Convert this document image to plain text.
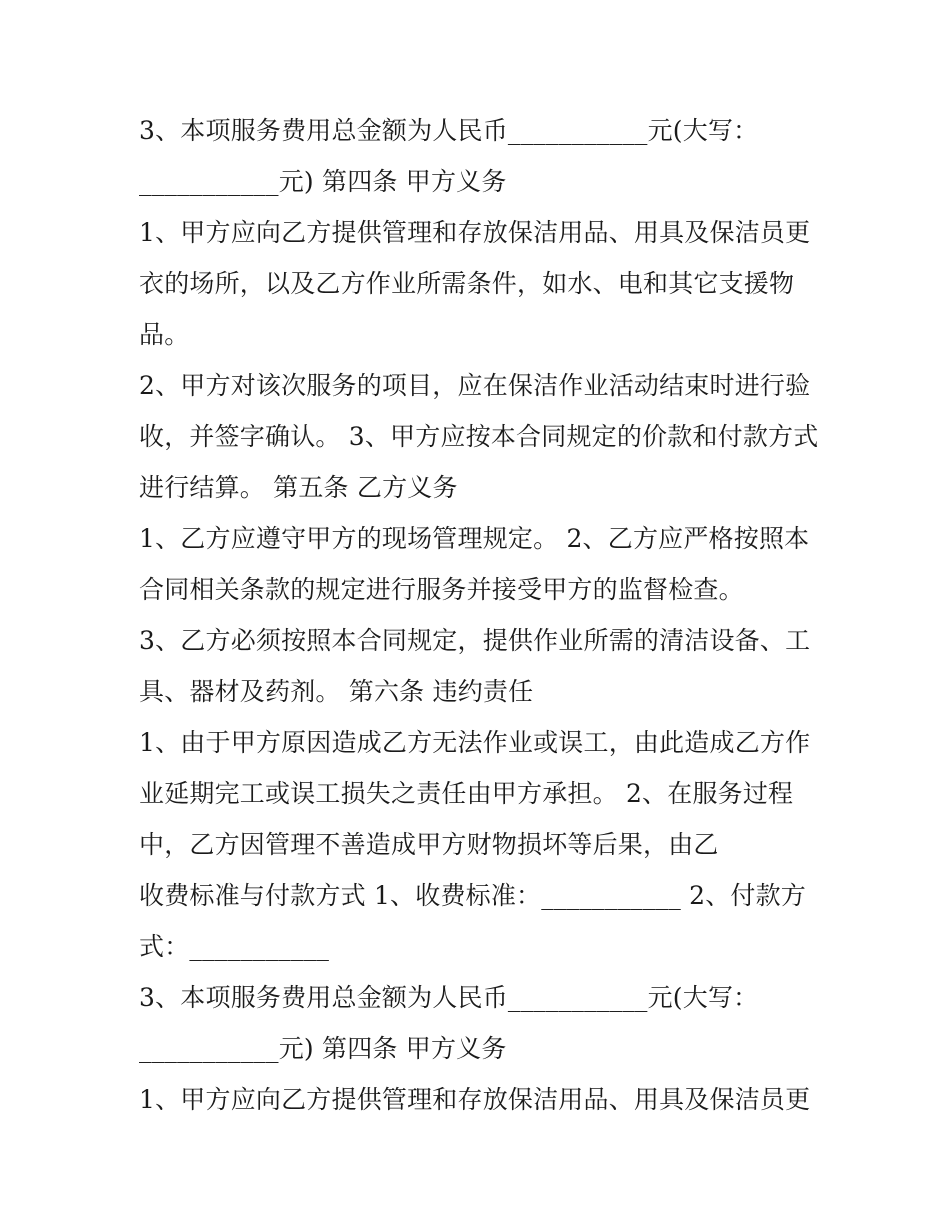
3、本项服务费用总金额为人民币___________元(大写：
___________元) 第四条 甲方义务
1、甲方应向乙方提供管理和存放保洁用品、用具及保洁员更
衣的场所，以及乙方作业所需条件，如水、电和其它支援物
品。
2、甲方对该次服务的项目，应在保洁作业活动结束时进行验
收，并签字确认。 3、甲方应按本合同规定的价款和付款方式
进行结算。 第五条 乙方义务
1、乙方应遵守甲方的现场管理规定。 2、乙方应严格按照本
合同相关条款的规定进行服务并接受甲方的监督检查。
3、乙方必须按照本合同规定，提供作业所需的清洁设备、工
具、器材及药剂。 第六条 违约责任
1、由于甲方原因造成乙方无法作业或误工，由此造成乙方作
业延期完工或误工损失之责任由甲方承担。 2、在服务过程
中，乙方因管理不善造成甲方财物损坏等后果，由乙
收费标准与付款方式 1、收费标准：___________ 2、付款方
式：___________
3、本项服务费用总金额为人民币___________元(大写：
___________元) 第四条 甲方义务
1、甲方应向乙方提供管理和存放保洁用品、用具及保洁员更
